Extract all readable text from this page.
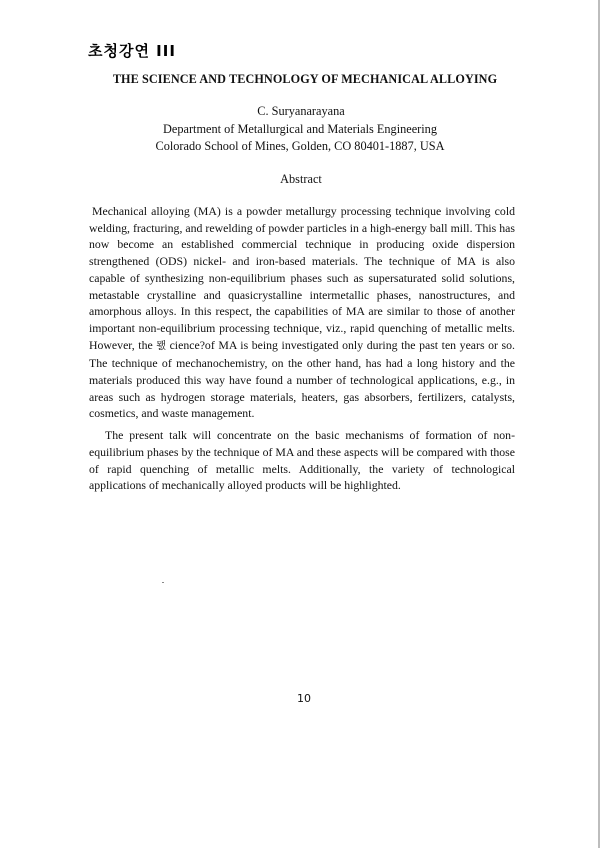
초청강연 III
THE SCIENCE AND TECHNOLOGY OF MECHANICAL ALLOYING
C. Suryanarayana
Department of Metallurgical and Materials Engineering
Colorado School of Mines, Golden, CO 80401-1887, USA
Abstract

Mechanical alloying (MA) is a powder metallurgy processing technique involving cold welding, fracturing, and rewelding of powder particles in a high-energy ball mill. This has now become an established commercial technique in producing oxide dispersion strengthened (ODS) nickel- and iron-based materials. The technique of MA is also capable of synthesizing non-equilibrium phases such as supersaturated solid solutions, metastable crystalline and quasicrystalline intermetallic phases, nanostructures, and amorphous alloys. In this respect, the capabilities of MA are similar to those of another important non-equilibrium processing technique, viz., rapid quenching of metallic melts. However, the 뫬 cience?of MA is being investigated only during the past ten years or so. The technique of mechanochemistry, on the other hand, has had a long history and the materials produced this way have found a number of technological applications, e.g., in areas such as hydrogen storage materials, heaters, gas absorbers, fertilizers, catalysts, cosmetics, and waste management.

The present talk will concentrate on the basic mechanisms of formation of non-equilibrium phases by the technique of MA and these aspects will be compared with those of rapid quenching of metallic melts. Additionally, the variety of technological applications of mechanically alloyed products will be highlighted.

10
